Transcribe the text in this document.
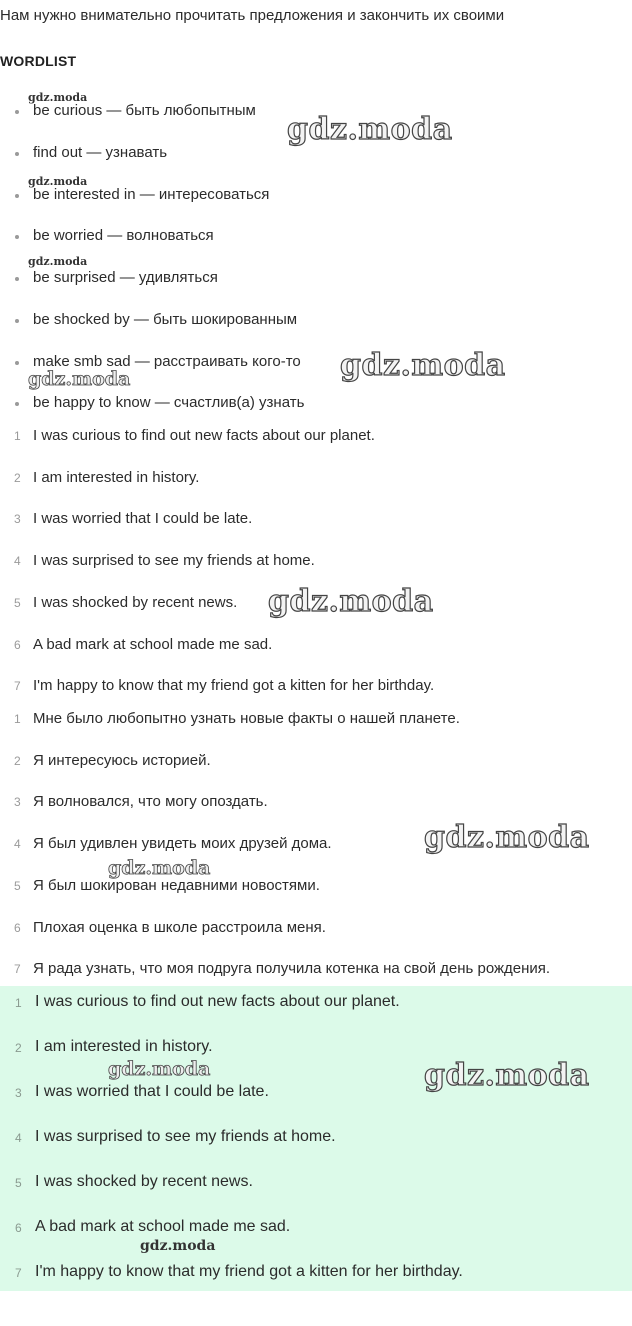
Нам нужно внимательно прочитать предложения и закончить их своими
WORDLIST
be curious — быть любопытным
find out — узнавать
be interested in — интересоваться
be worried — волноваться
be surprised — удивляться
be shocked by — быть шокированным
make smb sad — расстраивать кого-то
be happy to know — счастлив(а) узнать
1 I was curious to find out new facts about our planet.
2 I am interested in history.
3 I was worried that I could be late.
4 I was surprised to see my friends at home.
5 I was shocked by recent news.
6 A bad mark at school made me sad.
7 I'm happy to know that my friend got a kitten for her birthday.
1 Мне было любопытно узнать новые факты о нашей планете.
2 Я интересуюсь историей.
3 Я волновался, что могу опоздать.
4 Я был удивлен увидеть моих друзей дома.
5 Я был шокирован недавними новостями.
6 Плохая оценка в школе расстроила меня.
7 Я рада узнать, что моя подруга получила котенка на свой день рождения.
1 I was curious to find out new facts about our planet.
2 I am interested in history.
3 I was worried that I could be late.
4 I was surprised to see my friends at home.
5 I was shocked by recent news.
6 A bad mark at school made me sad.
7 I'm happy to know that my friend got a kitten for her birthday.
gdz.moda
gdz.moda
gdz.moda
gdz.moda
gdz.moda
gdz.moda
gdz.moda
gdz.moda
gdz.moda
gdz.moda	gdz.moda
gdz.moda
